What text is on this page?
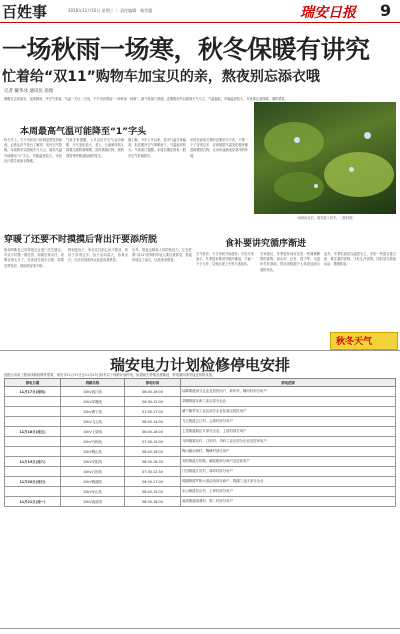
百姓事	2016年11月16日 星期三 ｜ 责任编辑：杨世惠	瑞安日报 9
一场秋雨一场寒，秋冬保暖有讲究
忙着给“双11”购物车加宝贝的亲，熬夜别忘添衣哦
记者 戴华冰 通讯员 徐瑞
刚刚过去的周末，连续降雨，冷空气来袭，气温一天比一天低，不少市民感叹“一场秋雨一场寒”。据气象部门预测，近期我市仍以阴雨天气为主，气温偏低，早晚温差较大，市民要注意保暖，谨防感冒。
本周最高气温可能降至“1”字头
昨天早上，不少市民出门时明显感觉到寒意。记者从市气象台了解到，受冷空气影响，本周我市以阴雨天气为主，最高气温可能降至“1”字头，早晚温差较大，市民出行要注意添衣保暖。
气象专家提醒，入冬以后冷空气活动频繁，天气变化较大，老人、儿童和体弱人群要注意防寒保暖，及时增减衣物，预防感冒等呼吸道疾病的发生。
据了解，今年入冬以来，我市气温总体偏高，但近期冷空气频繁南下，气温起伏较大。气象部门提醒，本周后期还将有一股冷空气影响我市。
市民在添加衣物时也要讲究方法，不要一下子穿得过多，应该根据气温变化循序渐进地增加衣物，让身体逐渐适应寒冷的环境。
一场秋雨过后，瑞安进入初冬。（资料图）
穿暖了还要不时摸摸后背出汗要添所脱	食补要讲究循序渐进
如何判断自己穿得是否合适？医生建议，可以不时摸一摸后背，如果后背出汗，说明穿得太多了，应该适当减少衣物；如果后背发凉，则说明穿得不够。
特别是孩子，家长往往担心孩子着凉，给孩子穿得过多。孩子活动量大，容易出汗，出汗后再吹风反而更容易感冒。
另外，熬夜会降低人体的免疫力，正在忙着“双11”抢购的年轻人要注意休息，熬夜时别忘了添衣，以免受凉感冒。
天气转冷，不少市民开始进补。中医专家表示，冬季进补要讲究循序渐进，不能一下子大补，以免出现上火等不适症状。
专家建议，冬季进补前可先吃一些调理脾胃的食物，如山药、红枣、莲子等，为进补打好基础，然后再根据个人体质选择合适的补品。
此外，冬季饮食应以温热为主，多吃一些富含蛋白质、维生素的食物，少吃生冷食物，同时适当增加运动，增强体质。
秋冬天气
瑞安电力计划检修停电安排
因配合市政工程和线路检修等需要，瑞安市11月17日至11月23日将有以下线路计划停电，如遇雨天等情况将顺延，停电期间请勿接近线路设备。
停电日期	线路名称	停电时间	停电范围
11月17日(周四)	10kV滨江线	06:00-16:00	仙降街道部分企业及居民用户、新华村、横河村部分用户
	10kV莘塍线	06:30-12:00	莘塍街道东新工业区部分企业
	10kV塘下线	07:00-17:00	塘下镇罗凤工业区部分企业及周边居民用户
	10kV飞云线	08:00-14:00	飞云街道云江村、云周村部分用户
11月18日(周五)	10kV上望线	06:00-18:00	上望街道新区片部分企业、上望村部分用户
	10kV马屿线	07:00-15:00	马屿镇篁社村、汀田村、马屿工业区部分企业及居民用户
	10kV陶山线	08:00-16:00	陶山镇沙洲村、陶峰村部分用户
11月19日(周六)	10kV安阳线	06:00-16:30	安阳街道万松路、解放路部分商户及居民用户
	10kV汀田线	07:30-12:30	汀田街道汀田村、林垟村部分用户
11月20日(周日)	10kV锦湖线	06:00-17:00	锦湖街道罗阳大道沿线部分商户、锦湖工业区部分企业
	10kV东山线	08:00-15:00	东山街道东山村、上埠村部分用户
11月21日(周一)	10kV南滨线	06:00-16:00	南滨街道阁巷村、围二村部分用户
